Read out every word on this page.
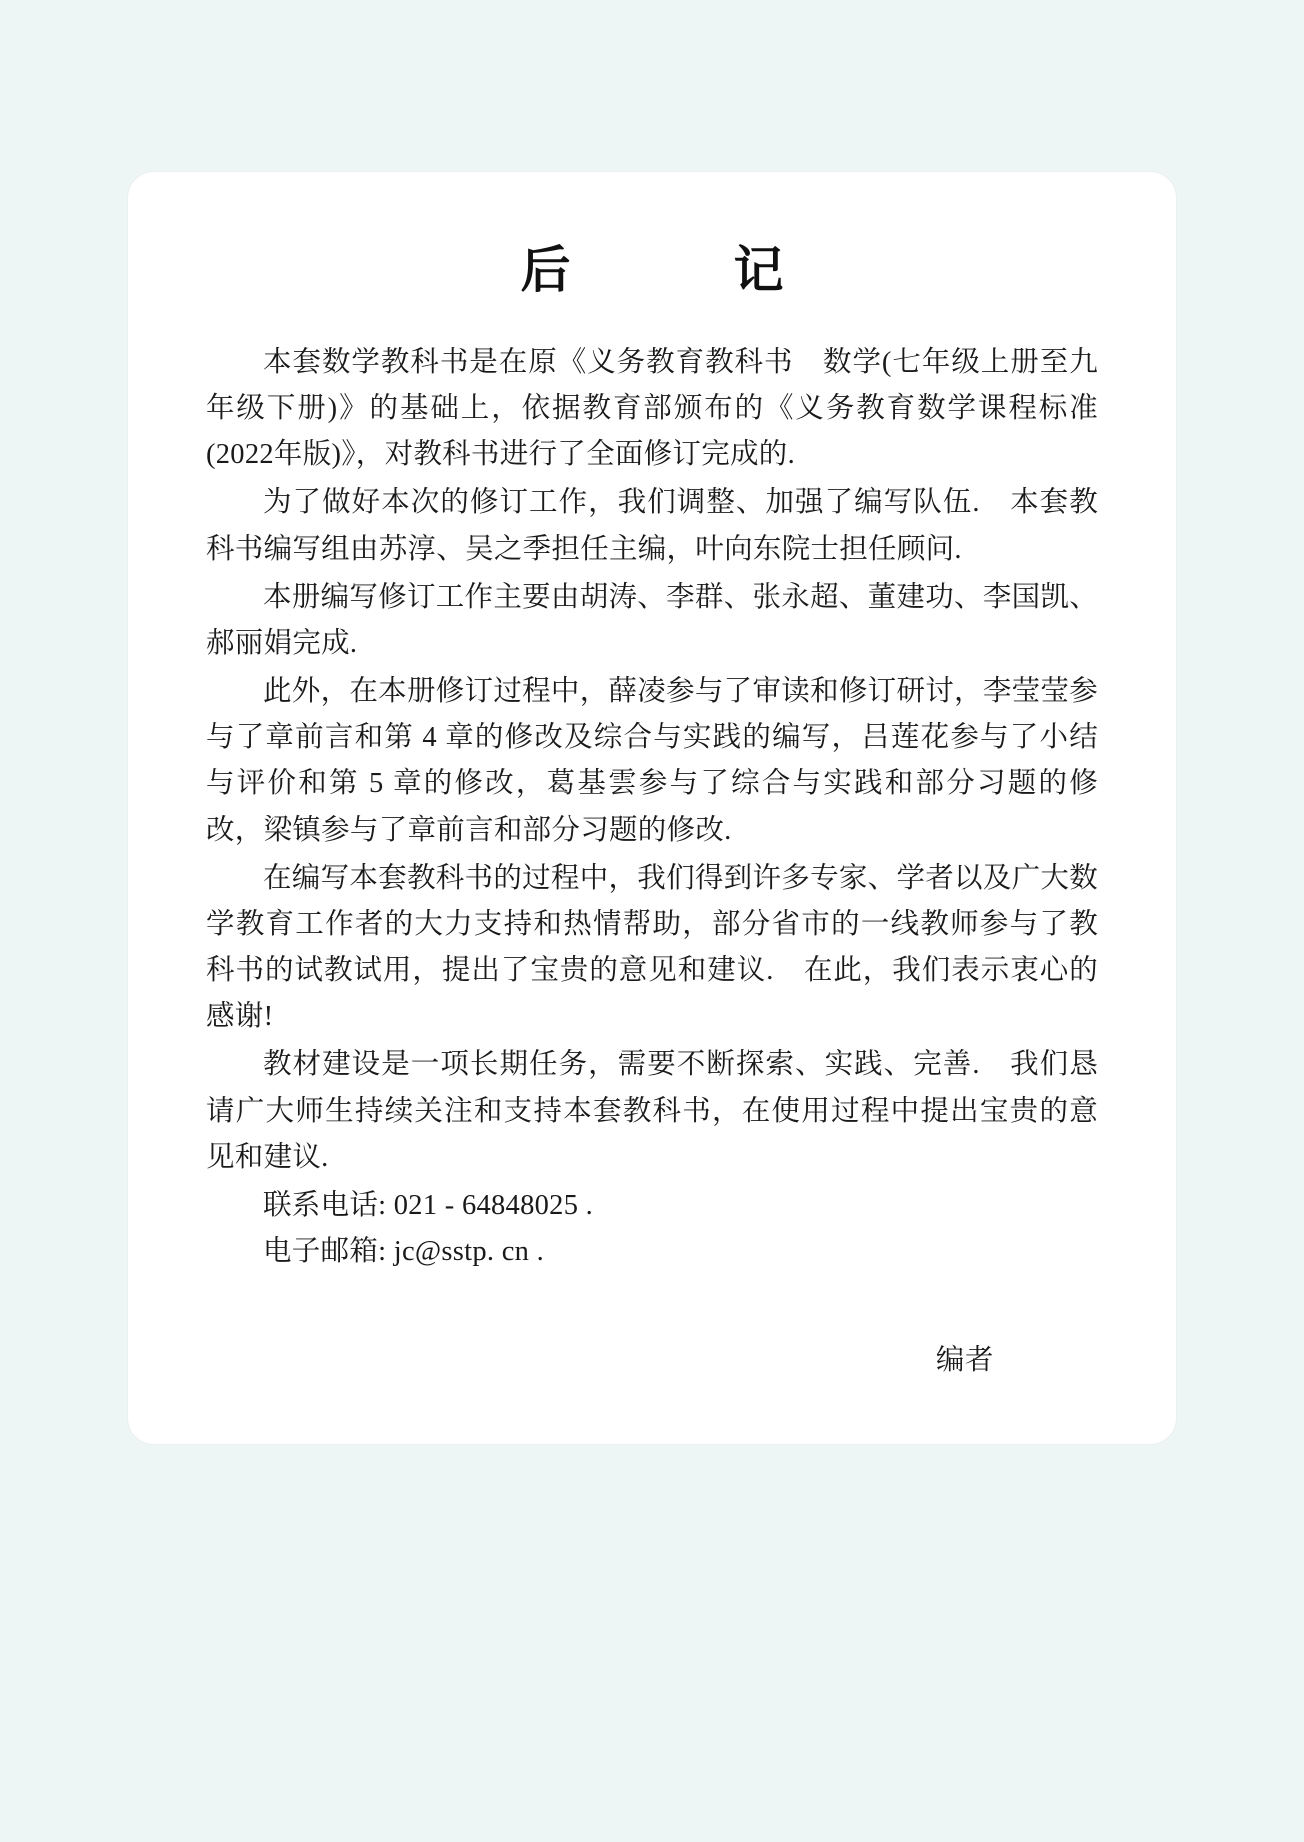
后　　记

本套数学教科书是在原《义务教育教科书　数学(七年级上册至九年级下册)》的基础上，依据教育部颁布的《义务教育数学课程标准(2022年版)》，对教科书进行了全面修订完成的.

为了做好本次的修订工作，我们调整、加强了编写队伍.　本套教科书编写组由苏淳、吴之季担任主编，叶向东院士担任顾问.

本册编写修订工作主要由胡涛、李群、张永超、董建功、李国凯、郝丽娟完成.

此外，在本册修订过程中，薛凌参与了审读和修订研讨，李莹莹参与了章前言和第 4 章的修改及综合与实践的编写，吕莲花参与了小结与评价和第 5 章的修改，葛基雲参与了综合与实践和部分习题的修改，梁镇参与了章前言和部分习题的修改.

在编写本套教科书的过程中，我们得到许多专家、学者以及广大数学教育工作者的大力支持和热情帮助，部分省市的一线教师参与了教科书的试教试用，提出了宝贵的意见和建议.　在此，我们表示衷心的感谢!

教材建设是一项长期任务，需要不断探索、实践、完善.　我们恳请广大师生持续关注和支持本套教科书，在使用过程中提出宝贵的意见和建议.

联系电话: 021 - 64848025 .

电子邮箱: jc@sstp. cn .

编者
